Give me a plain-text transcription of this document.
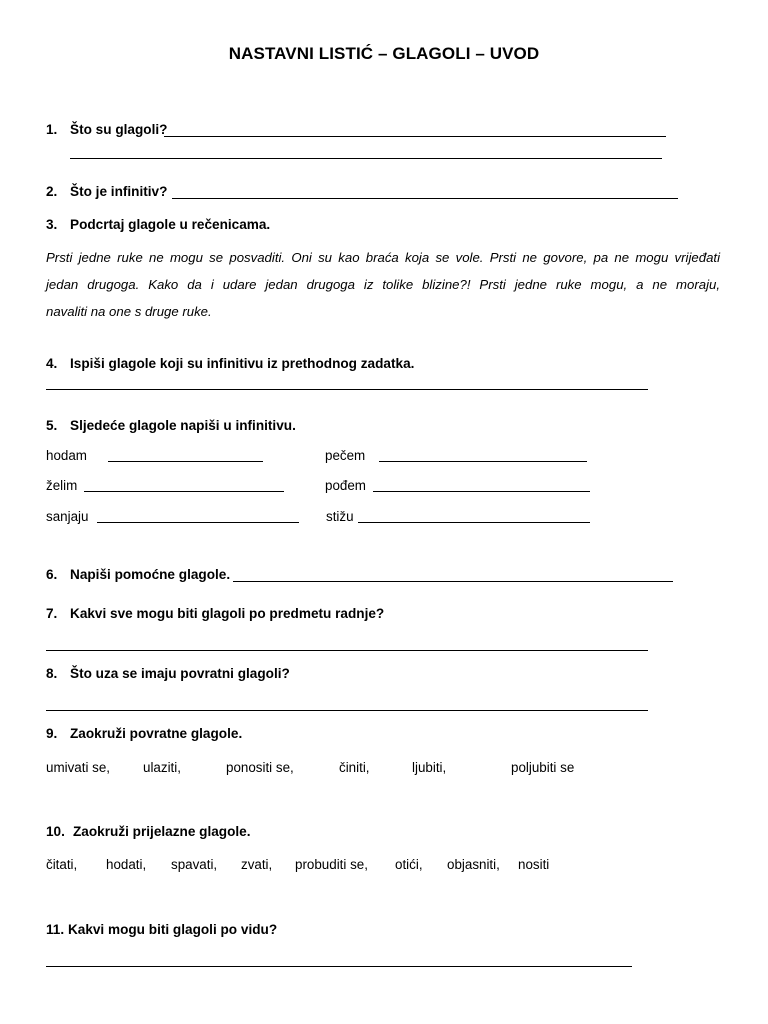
NASTAVNI LISTIĆ – GLAGOLI – UVOD
1. Što su glagoli?
2. Što je infinitiv?
3. Podcrtaj glagole u rečenicama.
Prsti jedne ruke ne mogu se posvaditi. Oni su kao braća koja se vole. Prsti ne govore, pa ne mogu vrijeđati
jedan drugoga. Kako da i udare jedan drugoga iz tolike blizine?! Prsti jedne ruke mogu, a ne moraju,
navaliti na one s druge ruke.
4. Ispiši glagole koji su infinitivu iz prethodnog zadatka.
5. Sljedeće glagole napiši u infinitivu.
hodam	pečem
želim	pođem
sanjaju	stižu
6. Napiši pomoćne glagole.
7. Kakvi sve mogu biti glagoli po predmetu radnje?
8. Što uza se imaju povratni glagoli?
9. Zaokruži povratne glagole.
umivati se, ulaziti,	ponositi se,	činiti,	ljubiti,	poljubiti se
10. Zaokruži prijelazne glagole.
čitati, hodati, spavati, zvati, probuditi se, otići, objasniti, nositi
11. Kakvi mogu biti glagoli po vidu?
